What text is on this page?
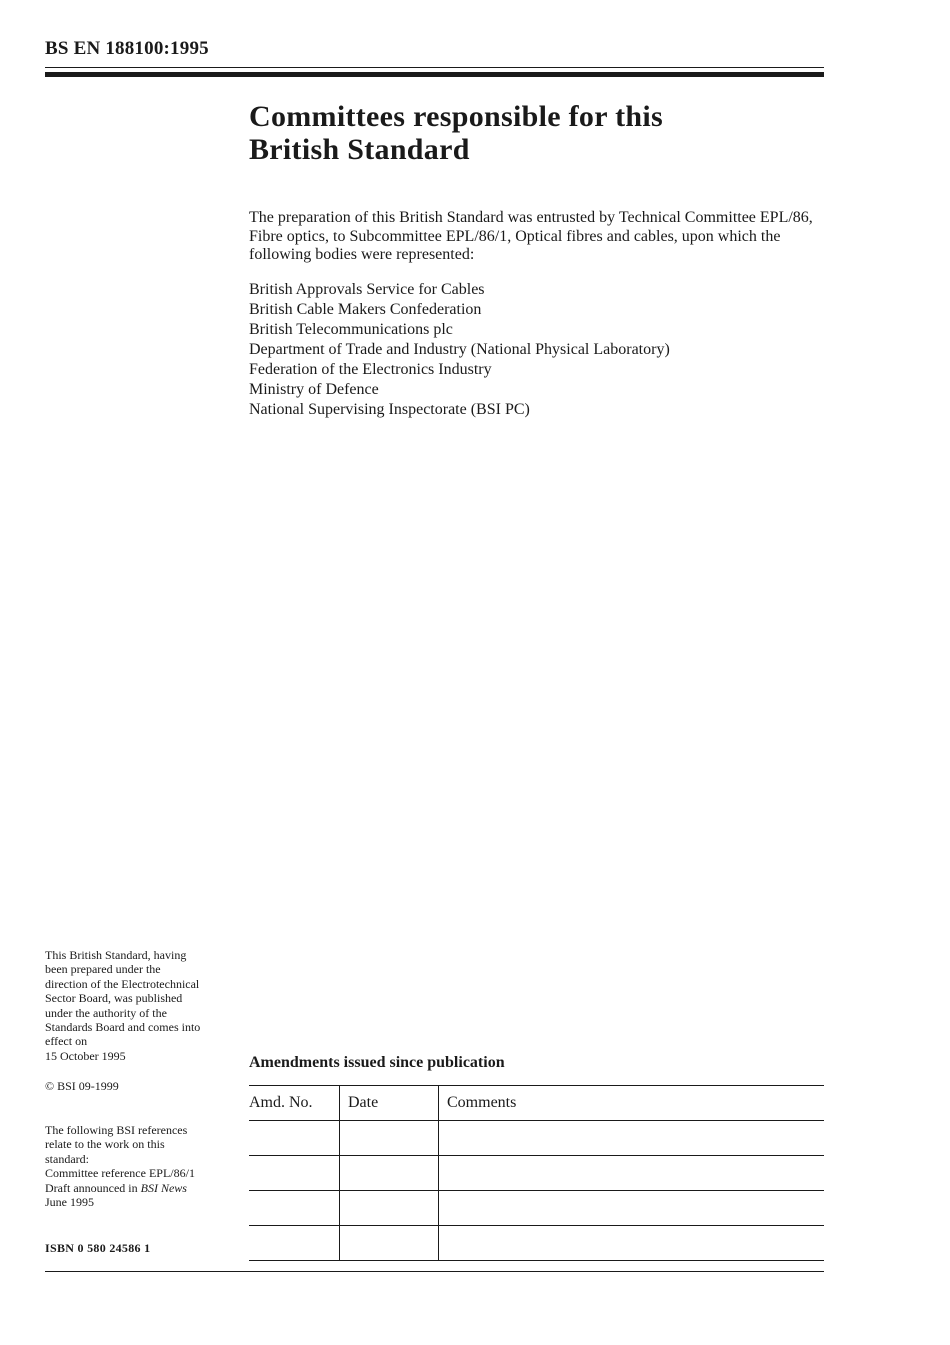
BS EN 188100:1995
Committees responsible for this
British Standard

The preparation of this British Standard was entrusted by Technical Committee EPL/86, Fibre optics, to Subcommittee EPL/86/1, Optical fibres and cables, upon which the following bodies were represented:

British Approvals Service for Cables
British Cable Makers Confederation
British Telecommunications plc
Department of Trade and Industry (National Physical Laboratory)
Federation of the Electronics Industry
Ministry of Defence
National Supervising Inspectorate (BSI PC)

This British Standard, having

been prepared under the

direction of the Electrotechnical

Sector Board, was published

under the authority of the

Standards Board and comes into

effect on

15 October 1995

© BSI 09-1999

The following BSI references

relate to the work on this

standard:

Committee reference EPL/86/1

Draft announced in BSI News

June 1995

ISBN 0 580 24586 1
Amendments issued since publication
Amd. No.	Date	Comments
